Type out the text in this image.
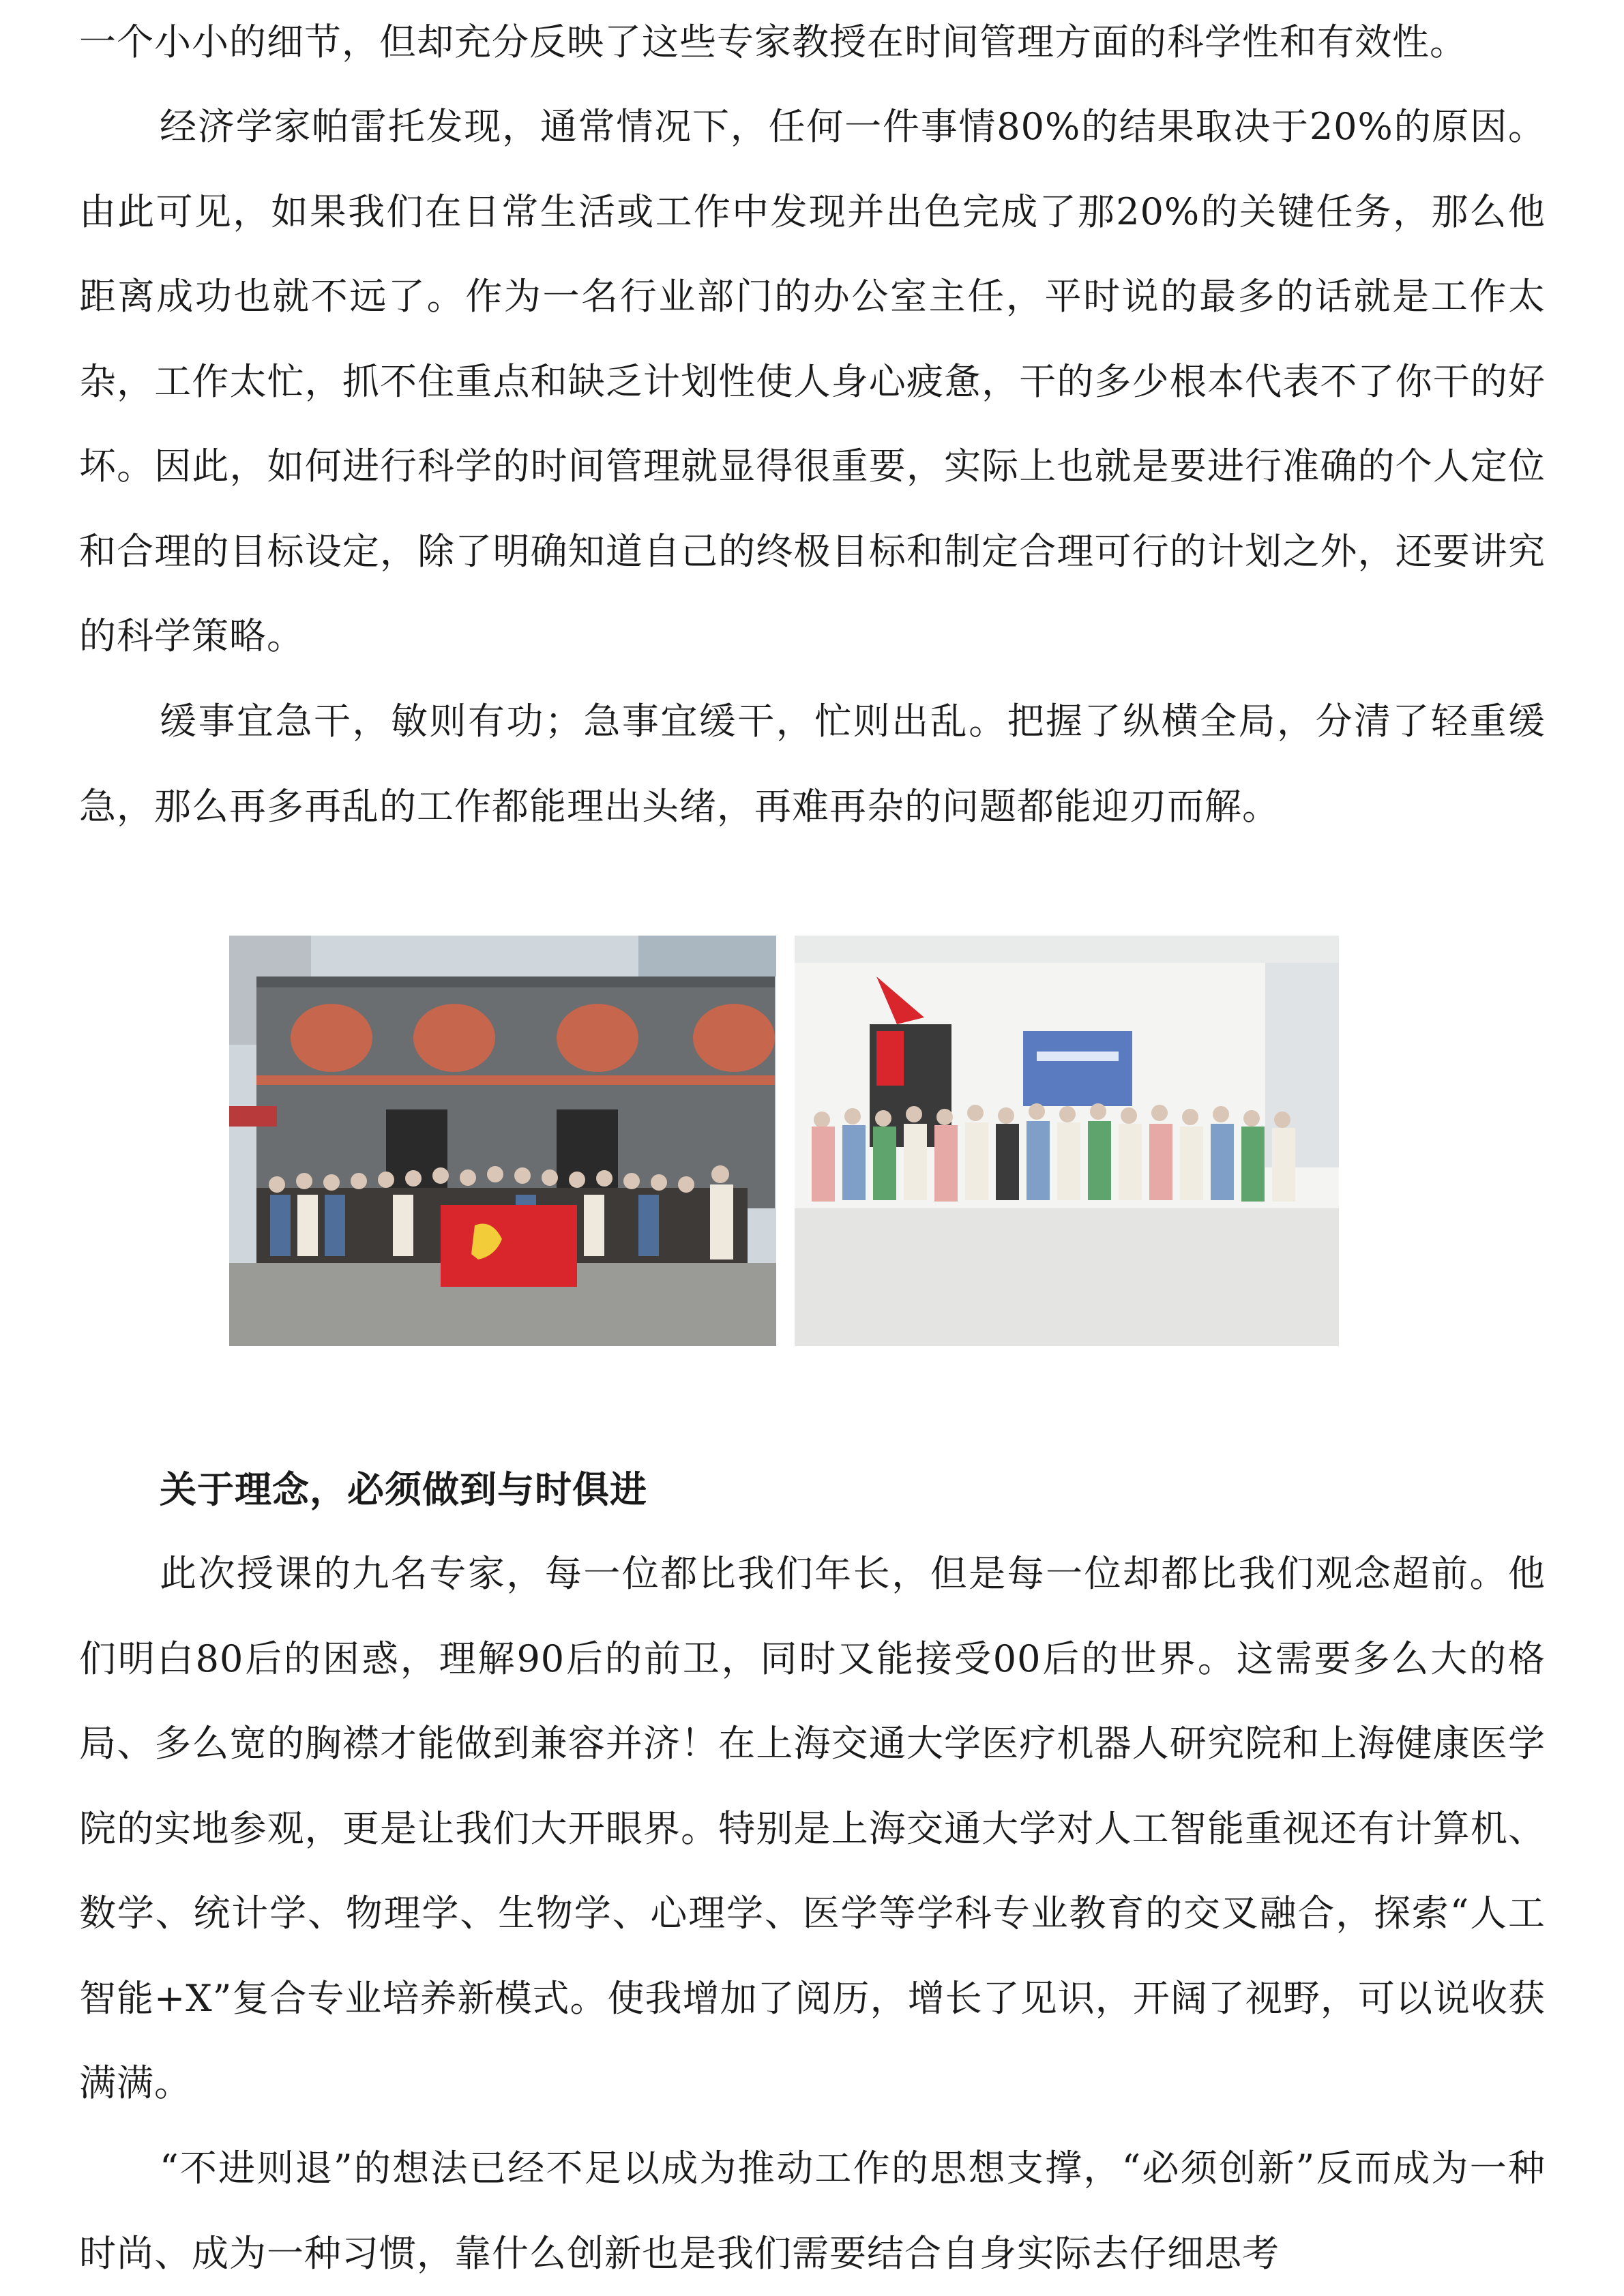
一个小小的细节，但却充分反映了这些专家教授在时间管理方面的科学性和有效性。

经济学家帕雷托发现，通常情况下，任何一件事情80%的结果取决于20%的原因。由此可见，如果我们在日常生活或工作中发现并出色完成了那20%的关键任务，那么他距离成功也就不远了。作为一名行业部门的办公室主任，平时说的最多的话就是工作太杂，工作太忙，抓不住重点和缺乏计划性使人身心疲惫，干的多少根本代表不了你干的好坏。因此，如何进行科学的时间管理就显得很重要，实际上也就是要进行准确的个人定位和合理的目标设定，除了明确知道自己的终极目标和制定合理可行的计划之外，还要讲究的科学策略。

缓事宜急干，敏则有功；急事宜缓干，忙则出乱。把握了纵横全局，分清了轻重缓急，那么再多再乱的工作都能理出头绪，再难再杂的问题都能迎刃而解。

关于理念，必须做到与时俱进

此次授课的九名专家，每一位都比我们年长，但是每一位却都比我们观念超前。他们明白80后的困惑，理解90后的前卫，同时又能接受00后的世界。这需要多么大的格局、多么宽的胸襟才能做到兼容并济！在上海交通大学医疗机器人研究院和上海健康医学院的实地参观，更是让我们大开眼界。特别是上海交通大学对人工智能重视还有计算机、数学、统计学、物理学、生物学、心理学、医学等学科专业教育的交叉融合，探索“人工智能+X”复合专业培养新模式。使我增加了阅历，增长了见识，开阔了视野，可以说收获满满。

“不进则退”的想法已经不足以成为推动工作的思想支撑，“必须创新”反而成为一种时尚、成为一种习惯，靠什么创新也是我们需要结合自身实际去仔细思考
